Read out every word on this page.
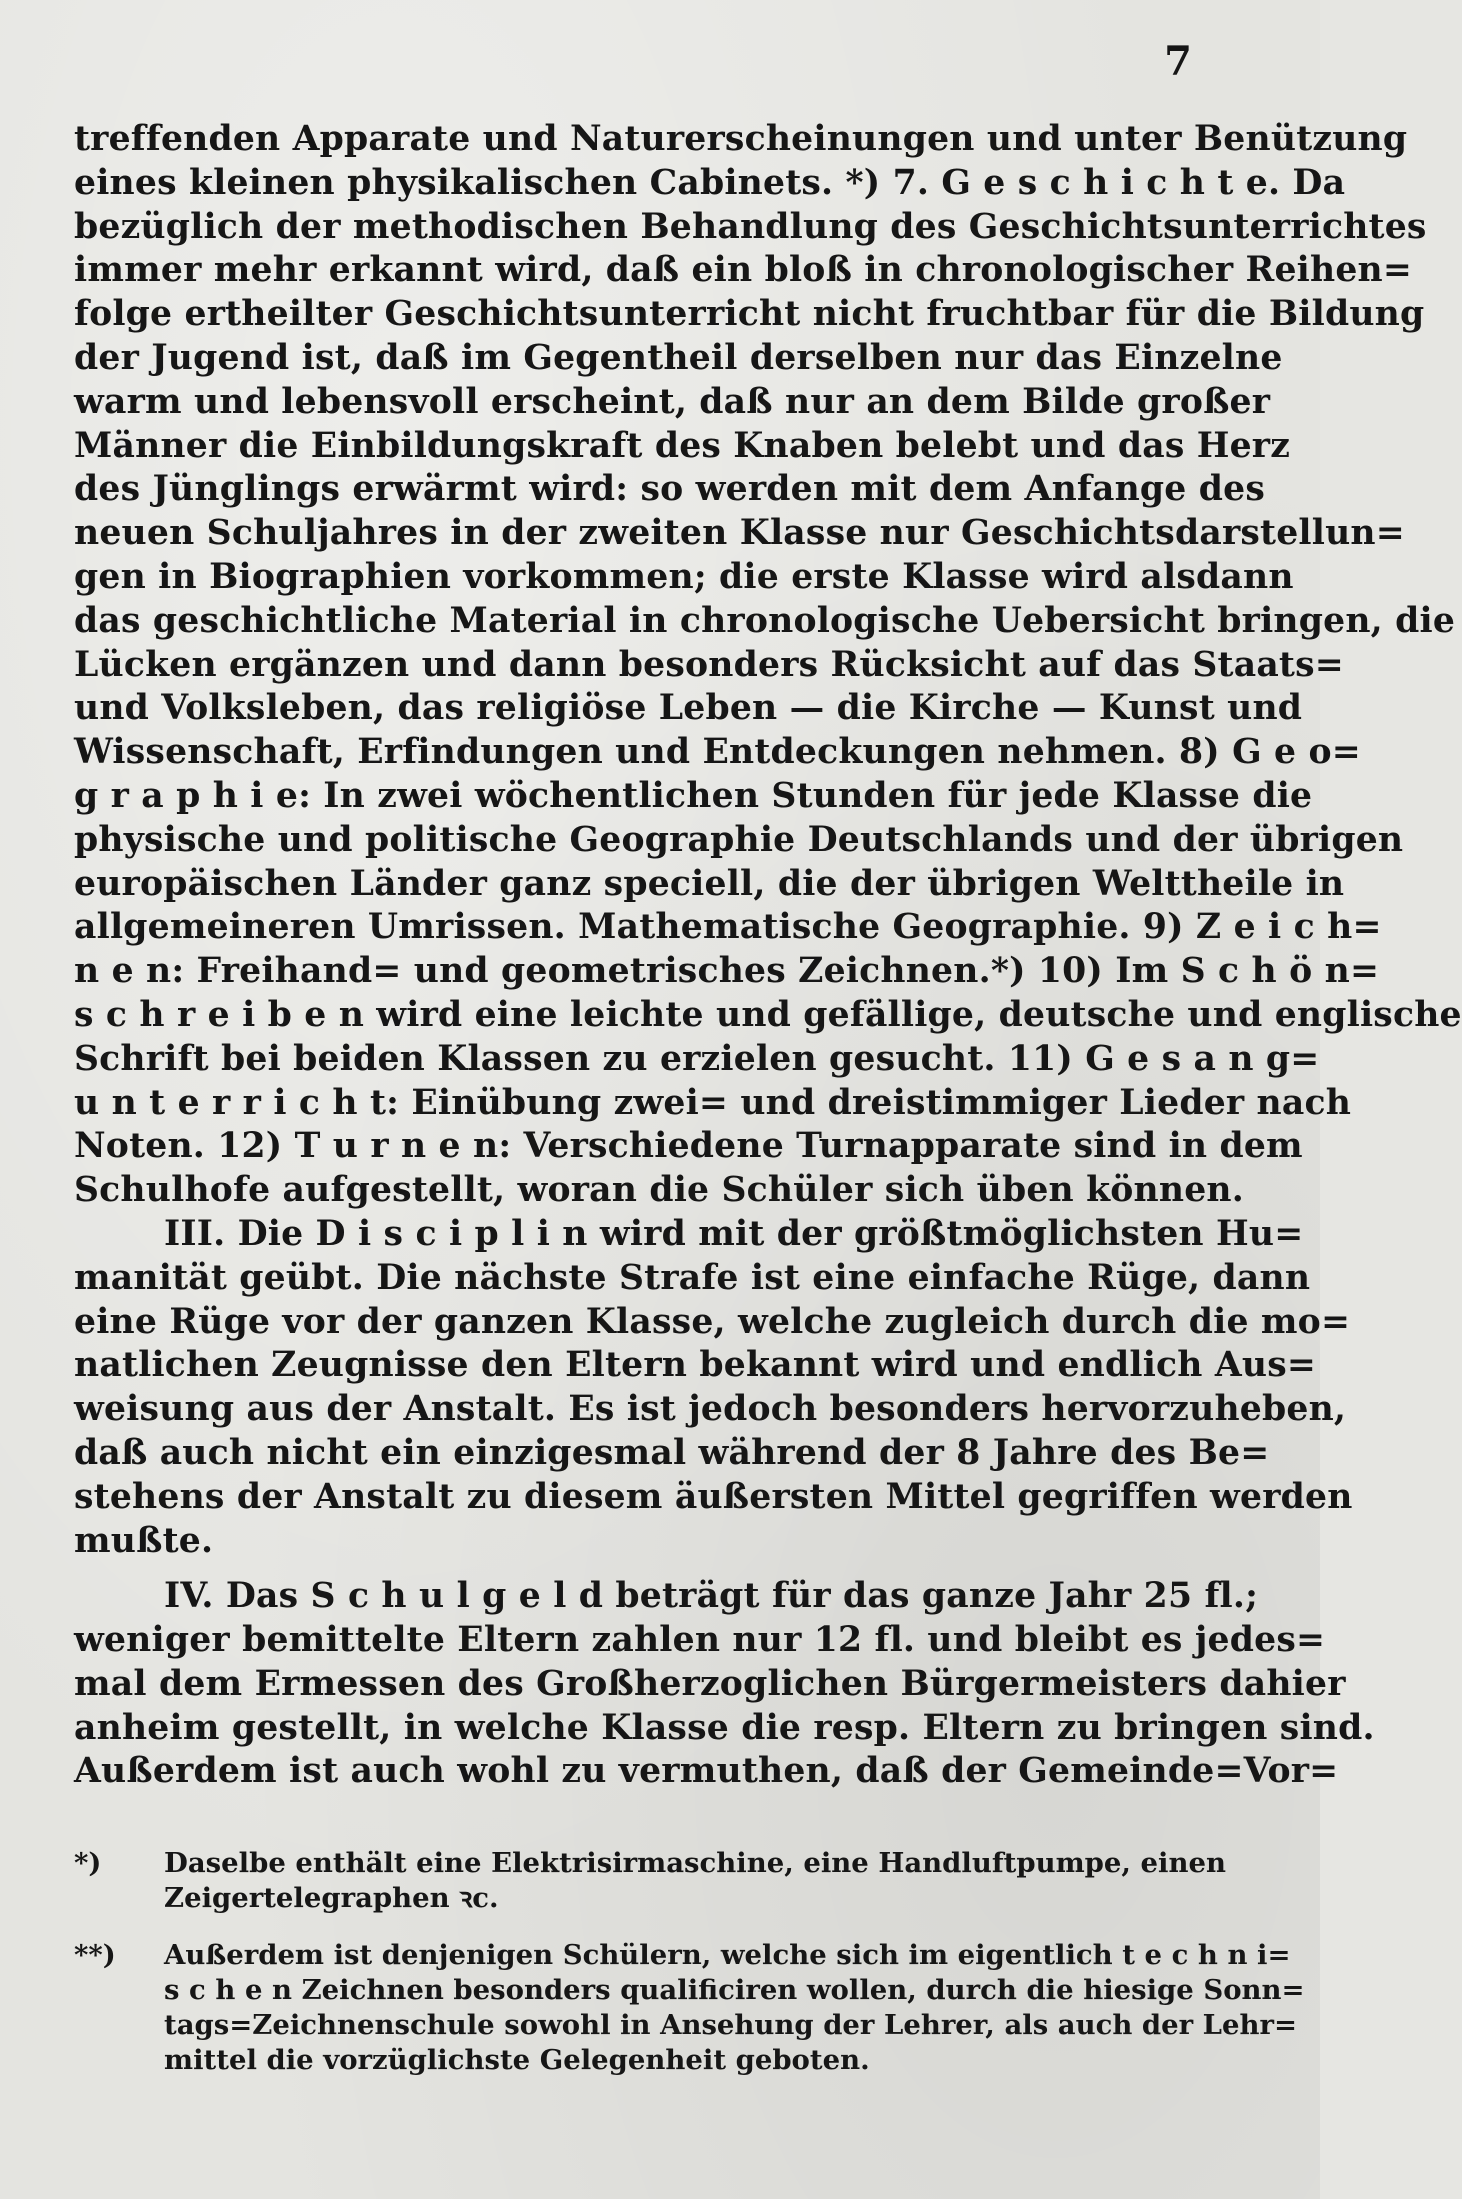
7
treffenden Apparate und Naturerscheinungen und unter Benützung
eines kleinen physikalischen Cabinets. *) 7. G e s c h i c h t e. Da
bezüglich der methodischen Behandlung des Geschichtsunterrichtes
immer mehr erkannt wird, daß ein bloß in chronologischer Reihen=
folge ertheilter Geschichtsunterricht nicht fruchtbar für die Bildung
der Jugend ist, daß im Gegentheil derselben nur das Einzelne
warm und lebensvoll erscheint, daß nur an dem Bilde großer
Männer die Einbildungskraft des Knaben belebt und das Herz
des Jünglings erwärmt wird: so werden mit dem Anfange des
neuen Schuljahres in der zweiten Klasse nur Geschichtsdarstellun=
gen in Biographien vorkommen; die erste Klasse wird alsdann
das geschichtliche Material in chronologische Uebersicht bringen, die
Lücken ergänzen und dann besonders Rücksicht auf das Staats=
und Volksleben, das religiöse Leben — die Kirche — Kunst und
Wissenschaft, Erfindungen und Entdeckungen nehmen. 8) G e o=
g r a p h i e: In zwei wöchentlichen Stunden für jede Klasse die
physische und politische Geographie Deutschlands und der übrigen
europäischen Länder ganz speciell, die der übrigen Welttheile in
allgemeineren Umrissen. Mathematische Geographie. 9) Z e i c h=
n e n: Freihand= und geometrisches Zeichnen.*) 10) Im S c h ö n=
s c h r e i b e n wird eine leichte und gefällige, deutsche und englische
Schrift bei beiden Klassen zu erzielen gesucht. 11) G e s a n g=
u n t e r r i c h t: Einübung zwei= und dreistimmiger Lieder nach
Noten. 12) T u r n e n: Verschiedene Turnapparate sind in dem
Schulhofe aufgestellt, woran die Schüler sich üben können.
III. Die D i s c i p l i n wird mit der größtmöglichsten Hu=
manität geübt. Die nächste Strafe ist eine einfache Rüge, dann
eine Rüge vor der ganzen Klasse, welche zugleich durch die mo=
natlichen Zeugnisse den Eltern bekannt wird und endlich Aus=
weisung aus der Anstalt. Es ist jedoch besonders hervorzuheben,
daß auch nicht ein einzigesmal während der 8 Jahre des Be=
stehens der Anstalt zu diesem äußersten Mittel gegriffen werden
mußte.
IV. Das S c h u l g e l d beträgt für das ganze Jahr 25 fl.;
weniger bemittelte Eltern zahlen nur 12 fl. und bleibt es jedes=
mal dem Ermessen des Großherzoglichen Bürgermeisters dahier
anheim gestellt, in welche Klasse die resp. Eltern zu bringen sind.
Außerdem ist auch wohl zu vermuthen, daß der Gemeinde=Vor=
*) Daselbe enthält eine Elektrisirmaschine, eine Handluftpumpe, einen
Zeigertelegraphen ꝛc.
**) Außerdem ist denjenigen Schülern, welche sich im eigentlich t e c h n i=
s c h e n Zeichnen besonders qualificiren wollen, durch die hiesige Sonn=
tags=Zeichnenschule sowohl in Ansehung der Lehrer, als auch der Lehr=
mittel die vorzüglichste Gelegenheit geboten.
